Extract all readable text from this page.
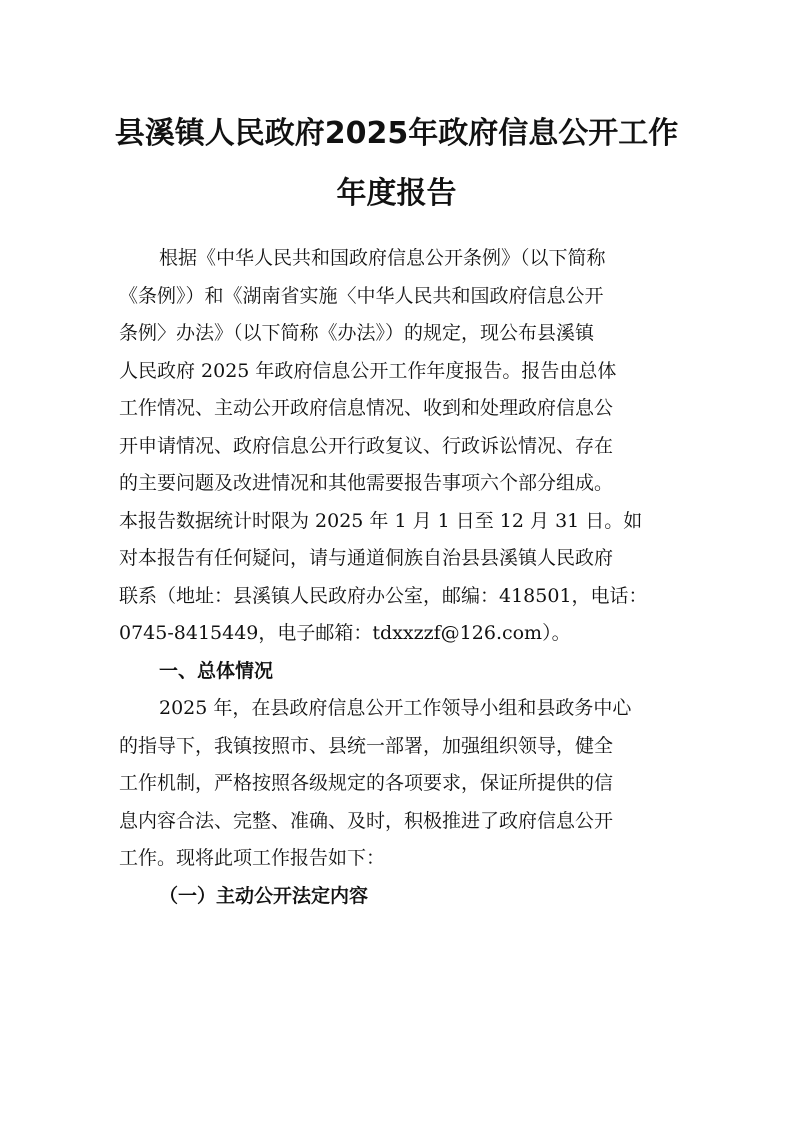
县溪镇人民政府2025年政府信息公开工作
年度报告
根据《中华人民共和国政府信息公开条例》（以下简称
《条例》）和《湖南省实施〈中华人民共和国政府信息公开
条例〉办法》（以下简称《办法》）的规定，现公布县溪镇
人民政府 2025 年政府信息公开工作年度报告。报告由总体
工作情况、主动公开政府信息情况、收到和处理政府信息公
开申请情况、政府信息公开行政复议、行政诉讼情况、存在
的主要问题及改进情况和其他需要报告事项六个部分组成。
本报告数据统计时限为 2025 年 1 月 1 日至 12 月 31 日。如
对本报告有任何疑问，请与通道侗族自治县县溪镇人民政府
联系（地址：县溪镇人民政府办公室，邮编：418501，电话：
0745-8415449，电子邮箱：tdxxzzf@126.com）。
一、总体情况
2025 年，在县政府信息公开工作领导小组和县政务中心
的指导下，我镇按照市、县统一部署，加强组织领导，健全
工作机制，严格按照各级规定的各项要求，保证所提供的信
息内容合法、完整、准确、及时，积极推进了政府信息公开
工作。现将此项工作报告如下：
（一）主动公开法定内容
